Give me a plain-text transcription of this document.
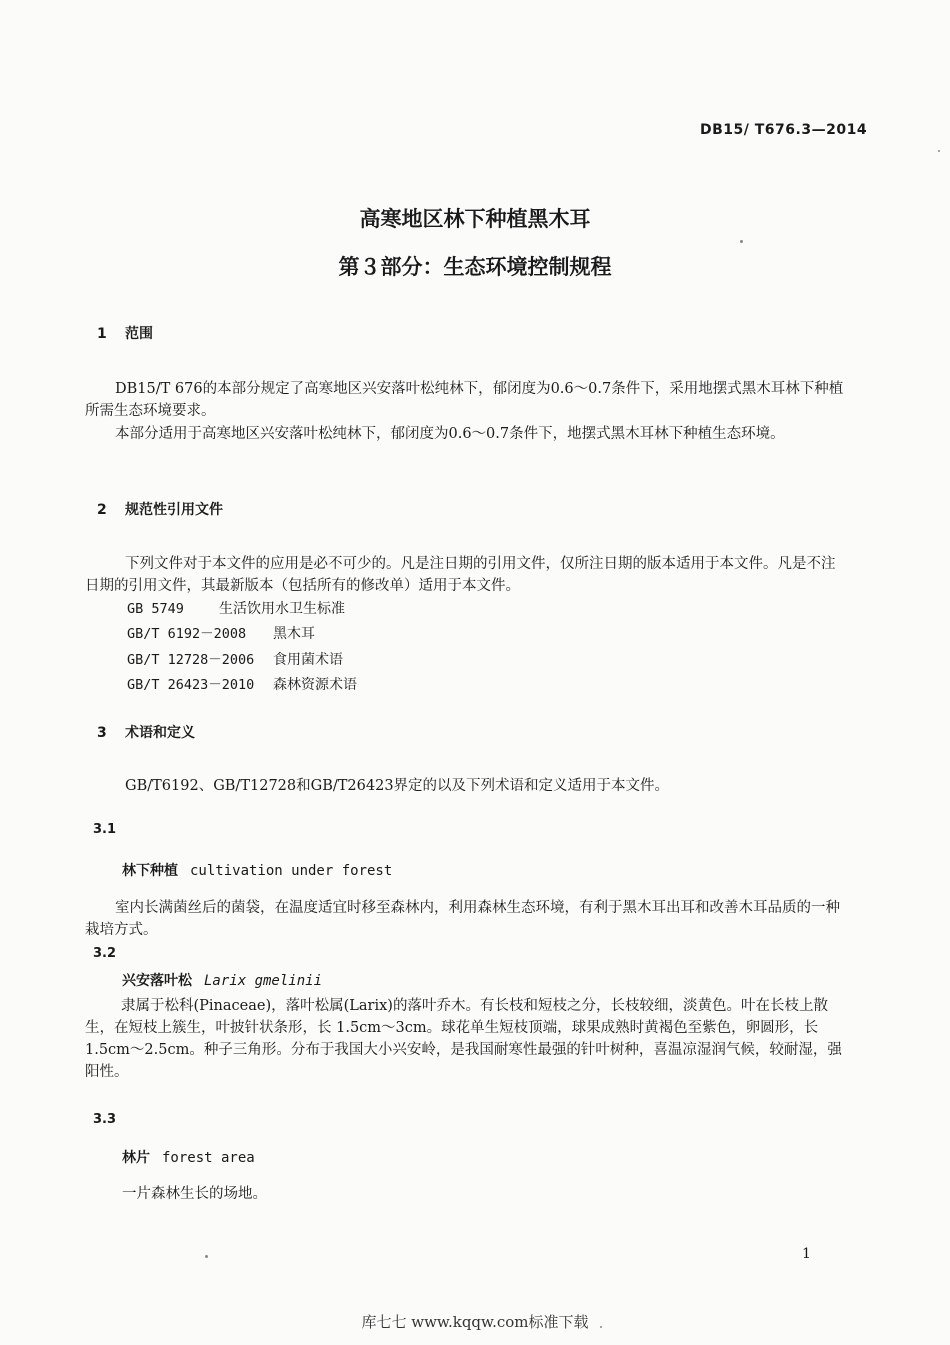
DB15/ T676.3—2014
高寒地区林下种植黑木耳
第３部分：生态环境控制规程
1 范围
DB15/T 676的本部分规定了高寒地区兴安落叶松纯林下，郁闭度为0.6～0.7条件下，采用地摆式黑木耳林下种植所需生态环境要求。
本部分适用于高寒地区兴安落叶松纯林下，郁闭度为0.6～0.7条件下，地摆式黑木耳林下种植生态环境。
2 规范性引用文件
下列文件对于本文件的应用是必不可少的。凡是注日期的引用文件，仅所注日期的版本适用于本文件。凡是不注日期的引用文件，其最新版本（包括所有的修改单）适用于本文件。
GB 5749	生活饮用水卫生标准
GB/T 6192－2008 黑木耳
GB/T 12728－2006 食用菌术语
GB/T 26423－2010 森林资源术语
3 术语和定义
GB/T6192、GB/T12728和GB/T26423界定的以及下列术语和定义适用于本文件。
3.1
林下种植 cultivation under forest
室内长满菌丝后的菌袋，在温度适宜时移至森林内，利用森林生态环境，有利于黑木耳出耳和改善木耳品质的一种栽培方式。
3.2
兴安落叶松 Larix gmelinii
隶属于松科(Pinaceae)，落叶松属(Larix)的落叶乔木。有长枝和短枝之分，长枝较细，淡黄色。叶在长枝上散生，在短枝上簇生，叶披针状条形，长 1.5cm～3cm。球花单生短枝顶端，球果成熟时黄褐色至紫色，卵圆形，长 1.5cm～2.5cm。种子三角形。分布于我国大小兴安岭，是我国耐寒性最强的针叶树种，喜温凉湿润气候，较耐湿，强阳性。
3.3
林片 forest area
一片森林生长的场地。
1
库七七 www.kqqw.com标准下载
